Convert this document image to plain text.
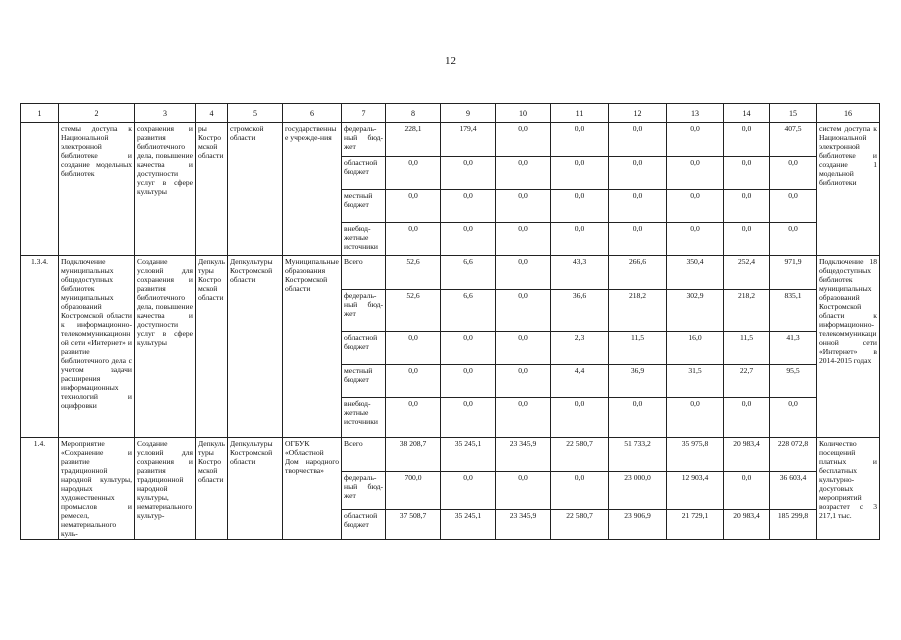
12
1	2	3	4	5	6	7	8	9	10	11	12	13	14	15	16
	стемы доступа к Национальной электронной библиотеке и создание модельных библиотек	сохранения и развития библиотечного дела, повышение качества и доступности услуг в сфере культуры	ры Костромской области	стромской области	государственные учрежде-ния	федераль-ный бюд-жет	228,1	179,4	0,0	0,0	0,0	0,0	0,0	407,5	систем доступа к Национальной электронной библиотеке и создание 1 модельной библиотеки
						областной бюджет	0,0	0,0	0,0	0,0	0,0	0,0	0,0	0,0	
						местный бюджет	0,0	0,0	0,0	0,0	0,0	0,0	0,0	0,0	
						внебюд-жетные источники	0,0	0,0	0,0	0,0	0,0	0,0	0,0	0,0	
1.3.4.	Подключение муниципальных общедоступных библиотек муниципальных образований Костромской области к информационно-телекоммуникационной сети «Интернет» и развитие библиотечного дела с учетом задачи расширения информационных технологий и оцифровки	Создание условий для сохранения и развития библиотечного дела, повышение качества и доступности услуг в сфере культуры	Депкультуры Костромской области	Депкультуры Костромской области	Муниципальные образования Костромской области	Всего	52,6	6,6	0,0	43,3	266,6	350,4	252,4	971,9	Подключение 18 общедоступных библиотек муниципальных образований Костромской области к информационно-телекоммуникационной сети «Интернет» в 2014-2015 годах
						федераль-ный бюд-жет	52,6	6,6	0,0	36,6	218,2	302,9	218,2	835,1	
						областной бюджет	0,0	0,0	0,0	2,3	11,5	16,0	11,5	41,3	
						местный бюджет	0,0	0,0	0,0	4,4	36,9	31,5	22,7	95,5	
						внебюд-жетные источники	0,0	0,0	0,0	0,0	0,0	0,0	0,0	0,0	
1.4.	Мероприятие «Сохранение и развитие традиционной народной культуры, народных художественных промыслов и ремесел, нематериального куль-	Создание условий для сохранения и развития традиционной народной культуры, нематериального культур-	Депкультуры Костромской области	Депкультуры Костромской области	ОГБУК «Областной Дом народного творчества»	Всего	38 208,7	35 245,1	23 345,9	22 580,7	51 733,2	35 975,8	20 983,4	228 072,8	Количество посещений платных и бесплатных культурно-досуговых мероприятий возрастет с 3 217,1 тыс.
						федераль-ный бюд-жет	700,0	0,0	0,0	0,0	23 000,0	12 903,4	0,0	36 603,4	
						областной бюджет	37 508,7	35 245,1	23 345,9	22 580,7	23 906,9	21 729,1	20 983,4	185 299,8	
